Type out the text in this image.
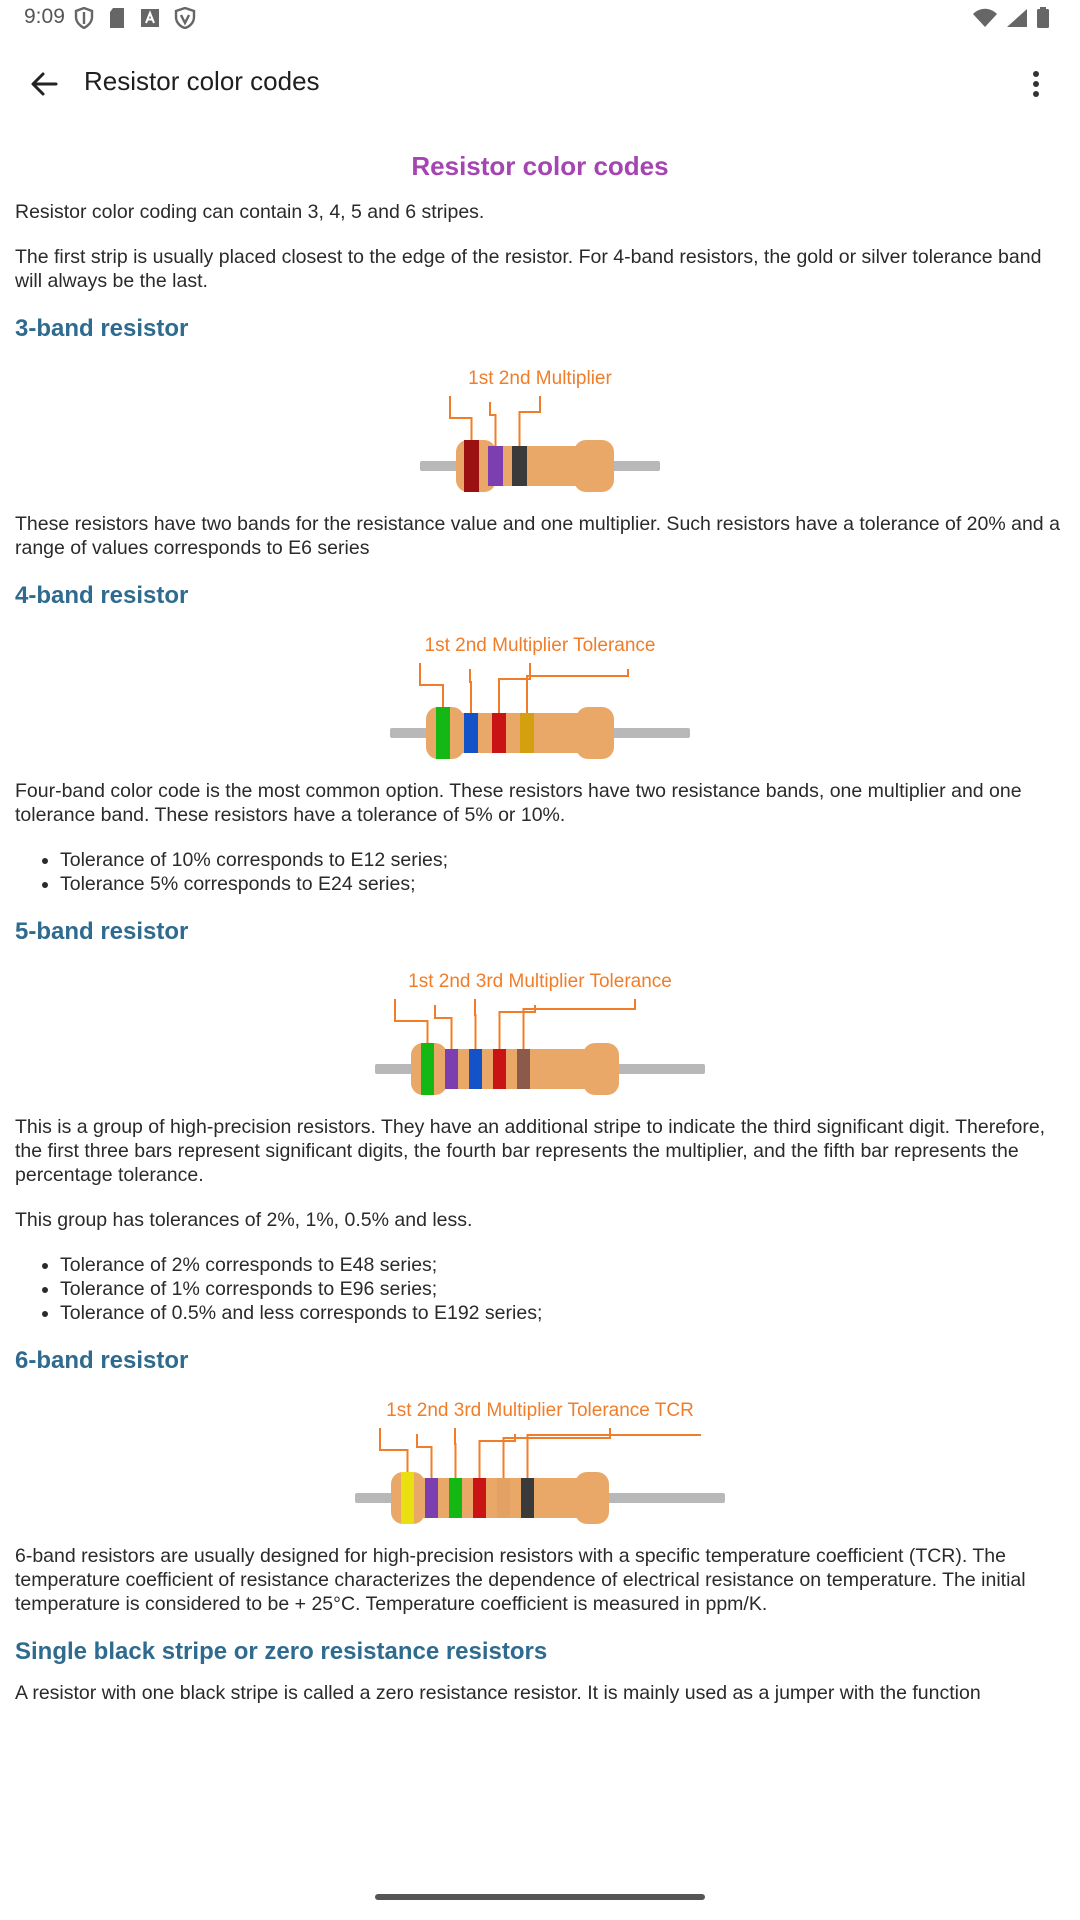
9:09
Resistor color codes
Resistor color codes

Resistor color coding can contain 3, 4, 5 and 6 stripes.

The first strip is usually placed closest to the edge of the resistor. For 4-band resistors, the gold or silver tolerance band will always be the last.

3-band resistor
1st 2nd Multiplier

These resistors have two bands for the resistance value and one multiplier. Such resistors have a tolerance of 20% and a range of values corresponds to E6 series

4-band resistor
1st 2nd Multiplier Tolerance

Four-band color code is the most common option. These resistors have two resistance bands, one multiplier and one tolerance band. These resistors have a tolerance of 5% or 10%.

• Tolerance of 10% corresponds to E12 series;
• Tolerance 5% corresponds to E24 series;
5-band resistor
1st 2nd 3rd Multiplier Tolerance

This is a group of high-precision resistors. They have an additional stripe to indicate the third significant digit. Therefore, the first three bars represent significant digits, the fourth bar represents the multiplier, and the fifth bar represents the percentage tolerance.

This group has tolerances of 2%, 1%, 0.5% and less.

• Tolerance of 2% corresponds to E48 series;
• Tolerance of 1% corresponds to E96 series;
• Tolerance of 0.5% and less corresponds to E192 series;
6-band resistor
1st 2nd 3rd Multiplier Tolerance TCR

6-band resistors are usually designed for high-precision resistors with a specific temperature coefficient (TCR). The temperature coefficient of resistance characterizes the dependence of electrical resistance on temperature. The initial temperature is considered to be + 25°C. Temperature coefficient is measured in ppm/K.

Single black stripe or zero resistance resistors

A resistor with one black stripe is called a zero resistance resistor. It is mainly used as a jumper with the function
